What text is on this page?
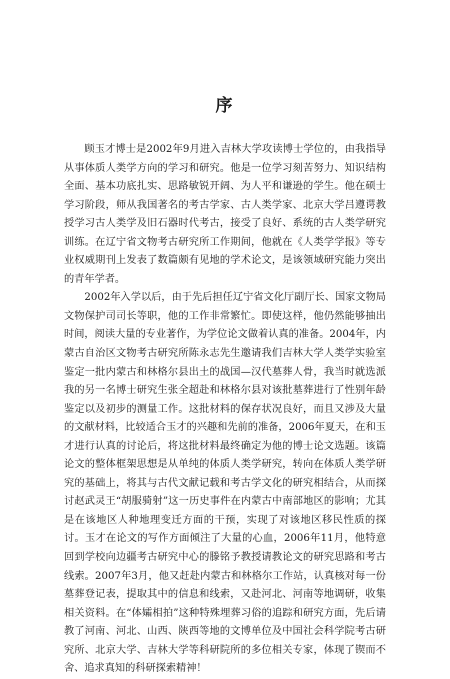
序

顾玉才博士是2002年9月进入吉林大学攻读博士学位的，由我指导从事体质人类学方向的学习和研究。他是一位学习刻苦努力、知识结构全面、基本功底扎实、思路敏锐开阔、为人平和谦逊的学生。他在硕士学习阶段，师从我国著名的考古学家、古人类学家、北京大学吕遵谔教授学习古人类学及旧石器时代考古，接受了良好、系统的古人类学研究训练。在辽宁省文物考古研究所工作期间，他就在《人类学学报》等专业权威期刊上发表了数篇颇有见地的学术论文，是该领域研究能力突出的青年学者。

2002年入学以后，由于先后担任辽宁省文化厅副厅长、国家文物局文物保护司司长等职，他的工作非常繁忙。即使这样，他仍然能够抽出时间，阅读大量的专业著作，为学位论文做着认真的准备。2004年，内蒙古自治区文物考古研究所陈永志先生邀请我们吉林大学人类学实验室鉴定一批内蒙古和林格尔县出土的战国—汉代墓葬人骨，我当时就选派我的另一名博士研究生张全超赴和林格尔县对该批墓葬进行了性别年龄鉴定以及初步的测量工作。这批材料的保存状况良好，而且又涉及大量的文献材料，比较适合玉才的兴趣和先前的准备，2006年夏天，在和玉才进行认真的讨论后，将这批材料最终确定为他的博士论文选题。该篇论文的整体框架思想是从单纯的体质人类学研究，转向在体质人类学研究的基础上，将其与古代文献记载和考古学文化的研究相结合，从而探讨赵武灵王“胡服骑射”这一历史事件在内蒙古中南部地区的影响；尤其是在该地区人种地理变迁方面的干预，实现了对该地区移民性质的探讨。玉才在论文的写作方面倾注了大量的心血，2006年11月，他特意回到学校向边疆考古研究中心的滕铭予教授请教论文的研究思路和考古线索。2007年3月，他又赶赴内蒙古和林格尔工作站，认真核对每一份墓葬登记表，提取其中的信息和线索，又赴河北、河南等地调研，收集相关资料。在“体孀相拍”这种特殊埋葬习俗的追踪和研究方面，先后请教了河南、河北、山西、陕西等地的文博单位及中国社会科学院考古研究所、北京大学、吉林大学等科研院所的多位相关专家，体现了锲而不舍、追求真知的科研探索精神！
